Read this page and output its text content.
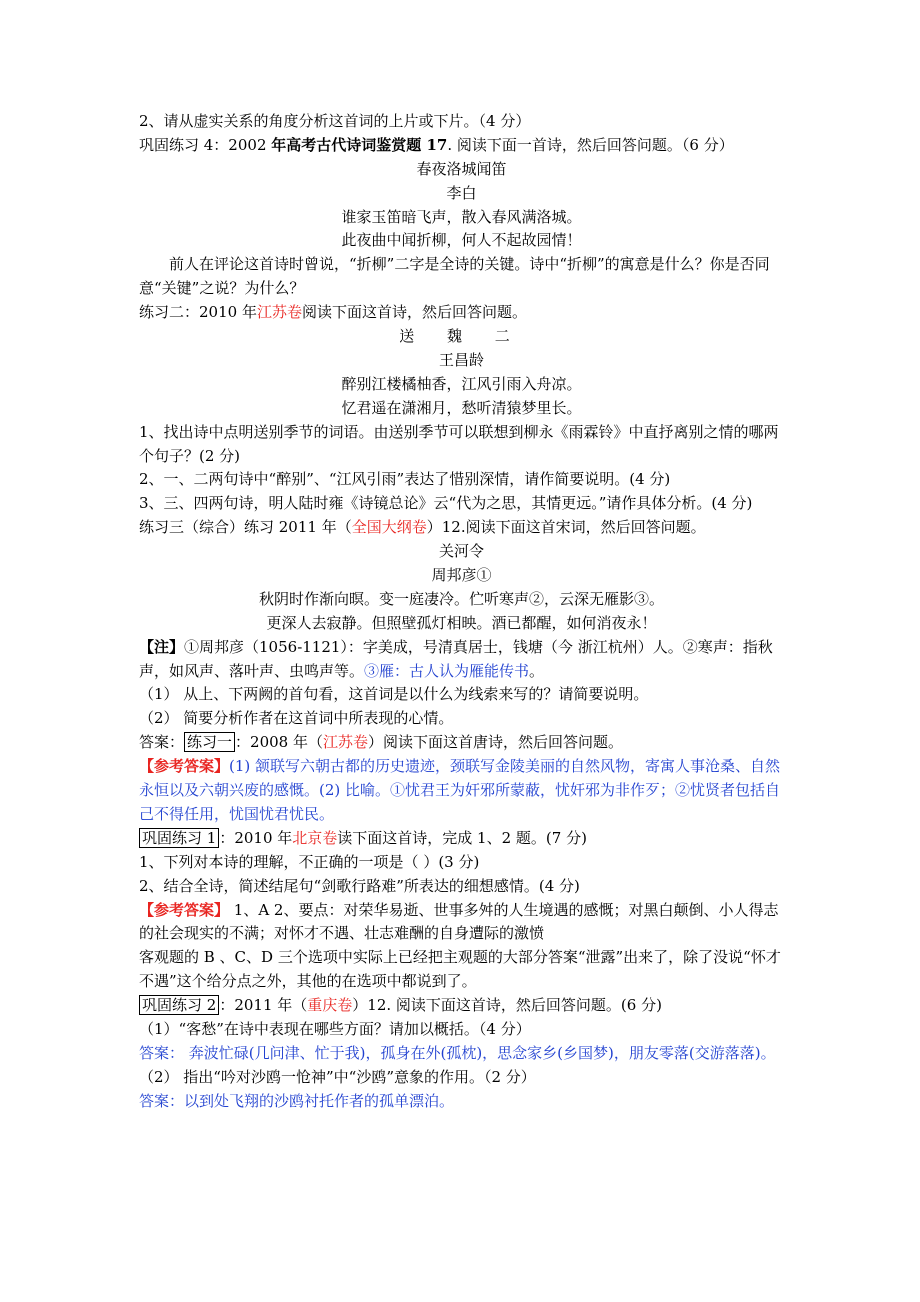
2、请从虚实关系的角度分析这首词的上片或下片。（4 分）
巩固练习 4：2002 年高考古代诗词鉴赏题 17. 阅读下面一首诗，然后回答问题。（6 分）
春夜洛城闻笛
李白
谁家玉笛暗飞声，散入春风满洛城。
此夜曲中闻折柳，何人不起故园情！
前人在评论这首诗时曾说，“折柳”二字是全诗的关键。诗中“折柳”的寓意是什么？你是否同意“关键”之说？为什么？
练习二：2010 年江苏卷阅读下面这首诗，然后回答问题。
送 魏 二
王昌龄
醉别江楼橘柚香，江风引雨入舟凉。
忆君遥在潇湘月，愁听清猿梦里长。
1、找出诗中点明送别季节的词语。由送别季节可以联想到柳永《雨霖铃》中直抒离别之情的哪两个句子？(2 分)
2、一、二两句诗中“醉别”、“江风引雨”表达了惜别深情，请作简要说明。(4 分)
3、三、四两句诗，明人陆时雍《诗镜总论》云“代为之思，其情更远。”请作具体分析。(4 分)
练习三（综合）练习 2011 年（全国大纲卷）12.阅读下面这首宋词，然后回答问题。
关河令
周邦彦①
秋阴时作渐向暝。变一庭凄冷。伫听寒声②，云深无雁影③。
更深人去寂静。但照壁孤灯相映。酒已都醒，如何消夜永！
【注】①周邦彦（1056-1121）：字美成，号清真居士，钱塘（今 浙江杭州）人。②寒声：指秋声，如风声、落叶声、虫鸣声等。③雁：古人认为雁能传书。
（1） 从上、下两阙的首句看，这首词是以什么为线索来写的？请简要说明。
（2） 简要分析作者在这首词中所表现的心情。
答案： 练习一 ：2008 年（江苏卷）阅读下面这首唐诗，然后回答问题。
【参考答案】(1) 颔联写六朝古都的历史遗迹，颈联写金陵美丽的自然风物，寄寓人事沧桑、自然永恒以及六朝兴废的感慨。(2) 比喻。①忧君王为奸邪所蒙蔽，忧奸邪为非作歹；②忧贤者包括自己不得任用，忧国忧君忧民。
巩固练习 1 ：2010 年北京卷读下面这首诗，完成 1、2 题。(7 分)
1、下列对本诗的理解，不正确的一项是（ ）(3 分)
2、结合全诗，简述结尾句“剑歌行路难”所表达的细想感情。(4 分)
【参考答案】 1、A 2、要点：对荣华易逝、世事多舛的人生境遇的感慨；对黑白颠倒、小人得志的社会现实的不满；对怀才不遇、壮志难酬的自身遭际的激愤
客观题的 B 、C、D 三个选项中实际上已经把主观题的大部分答案“泄露”出来了，除了没说“怀才不遇”这个给分点之外，其他的在选项中都说到了。
巩固练习 2 ：2011 年（重庆卷）12. 阅读下面这首诗，然后回答问题。(6 分)
（1）“客愁”在诗中表现在哪些方面？请加以概括。（4 分）
答案： 奔波忙碌(几问津、忙于我)，孤身在外(孤枕)，思念家乡(乡国梦)，朋友零落(交游落落)。
（2） 指出“吟对沙鸥一怆神”中“沙鸥”意象的作用。（2 分）
答案：以到处飞翔的沙鸥衬托作者的孤单漂泊。
